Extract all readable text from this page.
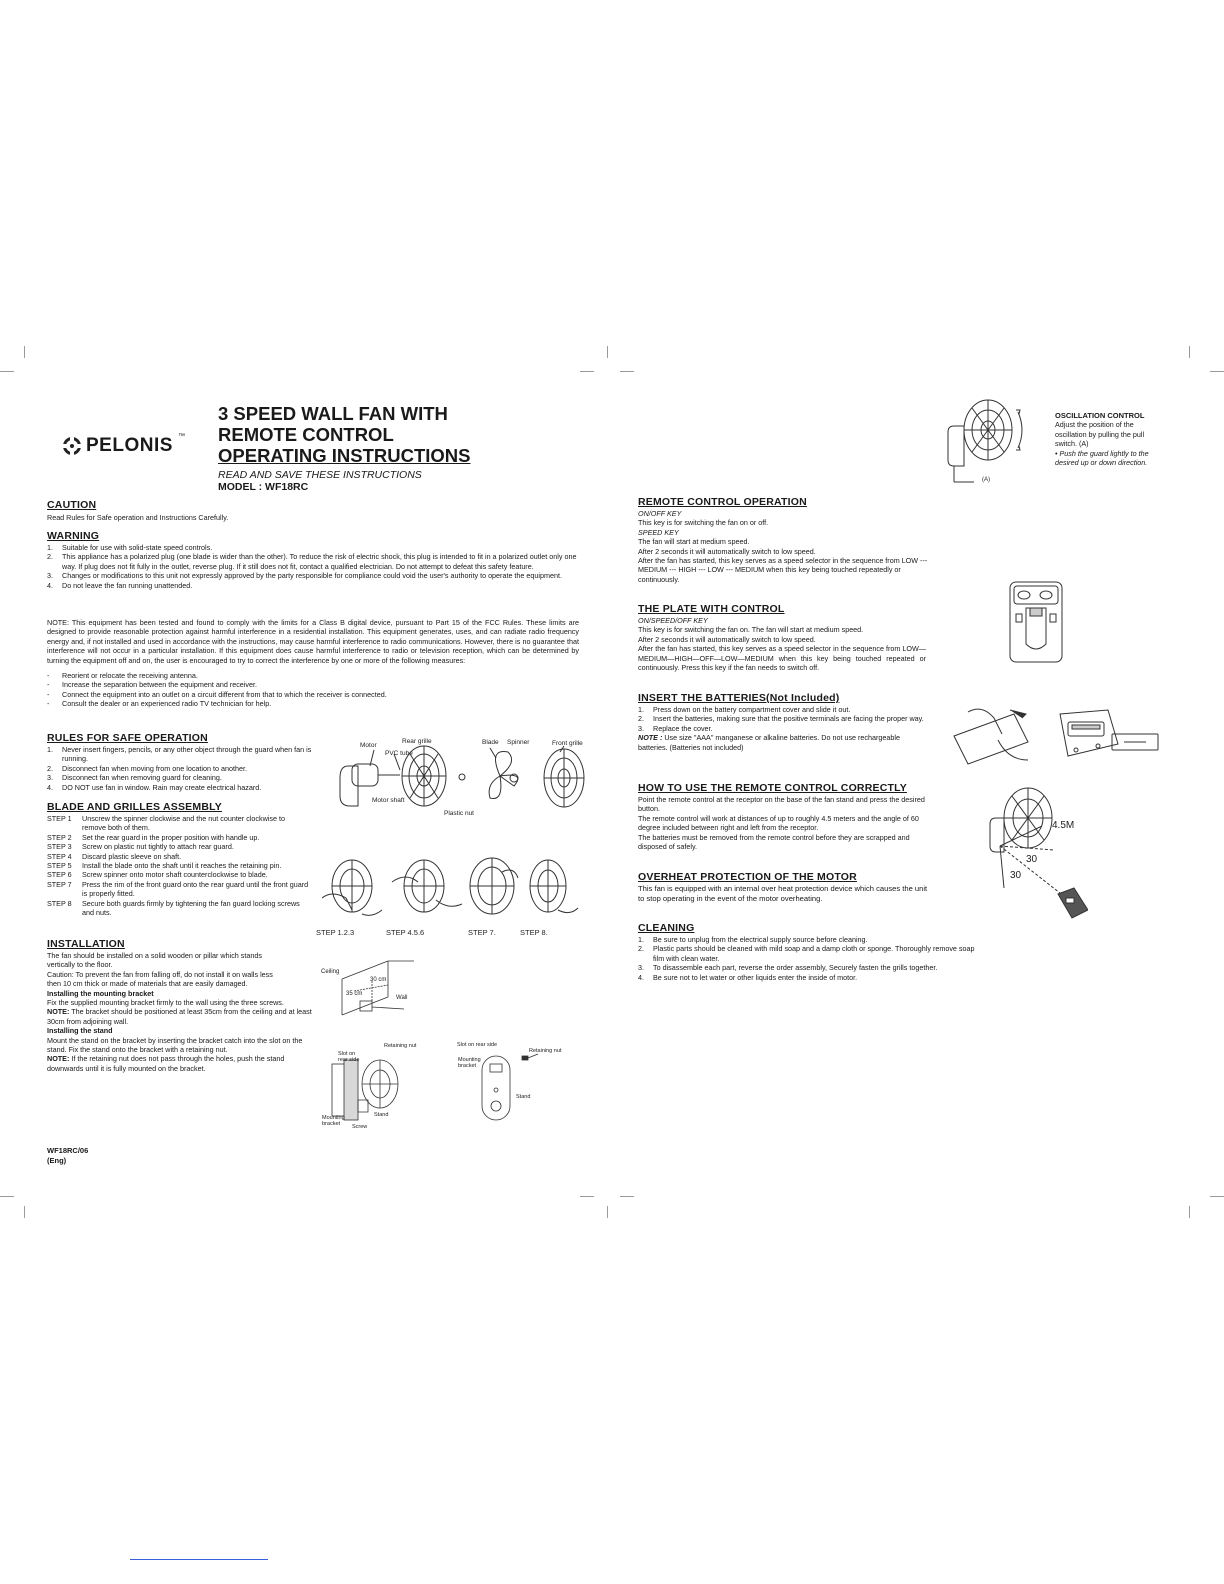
PELONIS ™
3 SPEED WALL FAN WITH
REMOTE CONTROL
OPERATING INSTRUCTIONS
READ AND SAVE THESE INSTRUCTIONS
MODEL : WF18RC
CAUTION
Read Rules for Safe operation and Instructions Carefully.
WARNING
1. Suitable for use with solid-state speed controls.
2. This appliance has a polarized plug (one blade is wider than the other). To reduce the risk of electric shock, this plug is intended to fit in a polarized outlet only one way. If plug does not fit fully in the outlet, reverse plug. If it still does not fit, contact a qualified electrician. Do not attempt to defeat this safety feature.
3. Changes or modifications to this unit not expressly approved by the party responsible for compliance could void the user's authority to operate the equipment.
4. Do not leave the fan running unattended.
NOTE: This equipment has been tested and found to comply with the limits for a Class B digital device, pursuant to Part 15 of the FCC Rules. These limits are designed to provide reasonable protection against harmful interference in a residential installation. This equipment generates, uses, and can radiate radio frequency energy and, if not installed and used in accordance with the instructions, may cause harmful interference to radio communications. However, there is no guarantee that interference will not occur in a particular installation. If this equipment does cause harmful interference to radio or television reception, which can be determined by turning the equipment off and on, the user is encouraged to try to correct the interference by one or more of the following measures:
- Reorient or relocate the receiving antenna.
- Increase the separation between the equipment and receiver.
- Connect the equipment into an outlet on a circuit different from that to which the receiver is connected.
- Consult the dealer or an experienced radio TV technician for help.
RULES FOR SAFE OPERATION
1. Never insert fingers, pencils, or any other object through the guard when fan is running.
2. Disconnect fan when moving from one location to another.
3. Disconnect fan when removing guard for cleaning.
4. DO NOT use fan in window. Rain may create electrical hazard.
Motor
PVC tube
Rear grille	Blade Spinner	Front grille
Motor shaft
Plastic nut
BLADE AND GRILLES ASSEMBLY
STEP 1 Unscrew the spinner clockwise and the nut counter clockwise to remove both of them.
STEP 2 Set the rear guard in the proper position with handle up.
STEP 3 Screw on plastic nut tightly to attach rear guard.
STEP 4 Discard plastic sleeve on shaft.
STEP 5 Install the blade onto the shaft until it reaches the retaining pin.
STEP 6 Screw spinner onto motor shaft counterclockwise to blade.
STEP 7 Press the rim of the front guard onto the rear guard until the front guard is properly fitted.
STEP 8 Secure both guards firmly by tightening the fan guard locking screws and nuts.
STEP 1.2.3	STEP 4.5.6	STEP 7.	STEP 8.
INSTALLATION
The fan should be installed on a solid wooden or pillar which stands vertically to the floor.
Caution: To prevent the fan from falling off, do not install it on walls less then 10 cm thick or made of materials that are easily damaged.
Installing the mounting bracket
Fix the supplied mounting bracket firmly to the wall using the three screws.
NOTE: The bracket should be positioned at least 35cm from the ceiling and at least 30cm from adjoining wall.
Installing the stand
Mount the stand on the bracket by inserting the bracket catch into the slot on the stand. Fix the stand onto the bracket with a retaining nut.
NOTE: If the retaining nut does not pass through the holes, push the stand downwards until it is fully mounted on the bracket.
Ceiling
30 cm
35 cm
Wall
Retaining nut
Slot on rear side
Stand
Mounting bracket	Screw
Slot on rear side
Retaining nut
Mounting bracket
Stand
WF18RC/06
(Eng)
(A)
OSCILLATION CONTROL
Adjust the position of the oscillation by pulling the pull switch. (A)
• Push the guard lightly to the desired up or down direction.
REMOTE CONTROL OPERATION
ON/OFF KEY
This key is for switching the fan on or off.
SPEED KEY
The fan will start at medium speed.
After 2 seconds it will automatically switch to low speed.
After the fan has started, this key serves as a speed selector in the sequence from LOW --- MEDIUM --- HIGH --- LOW --- MEDIUM when this key being touched repeatedly or continuously.
THE PLATE WITH CONTROL
ON/SPEED/OFF KEY
This key is for switching the fan on. The fan will start at medium speed.
After 2 seconds it will automatically switch to low speed.
After the fan has started, this key serves as a speed selector in the sequence from LOW—MEDIUM—HIGH—OFF—LOW—MEDIUM when this key being touched repeated or continuously. Press this key if the fan needs to switch off.
INSERT THE BATTERIES(Not Included)
1. Press down on the battery compartment cover and slide it out.
2. Insert the batteries, making sure that the positive terminals are facing the proper way.
3. Replace the cover.
NOTE : Use size "AAA" manganese or alkaline batteries. Do not use rechargeable batteries. (Batteries not included)
HOW TO USE THE REMOTE CONTROL CORRECTLY
Point the remote control at the receptor on the base of the fan stand and press the desired button.
The remote control will work at distances of up to roughly 4.5 meters and the angle of 60 degree included between right and left from the receptor.
The batteries must be removed from the remote control before they are scrapped and disposed of safely.
4.5M
30
30
OVERHEAT PROTECTION OF THE MOTOR
This fan is equipped with an internal over heat protection device which causes the unit to stop operating in the event of the motor overheating.
CLEANING
1. Be sure to unplug from the electrical supply source before cleaning.
2. Plastic parts should be cleaned with mild soap and a damp cloth or sponge. Thoroughly remove soap film with clean water.
3. To disassemble each part, reverse the order assembly, Securely fasten the grills together.
4. Be sure not to let water or other liquids enter the inside of motor.
